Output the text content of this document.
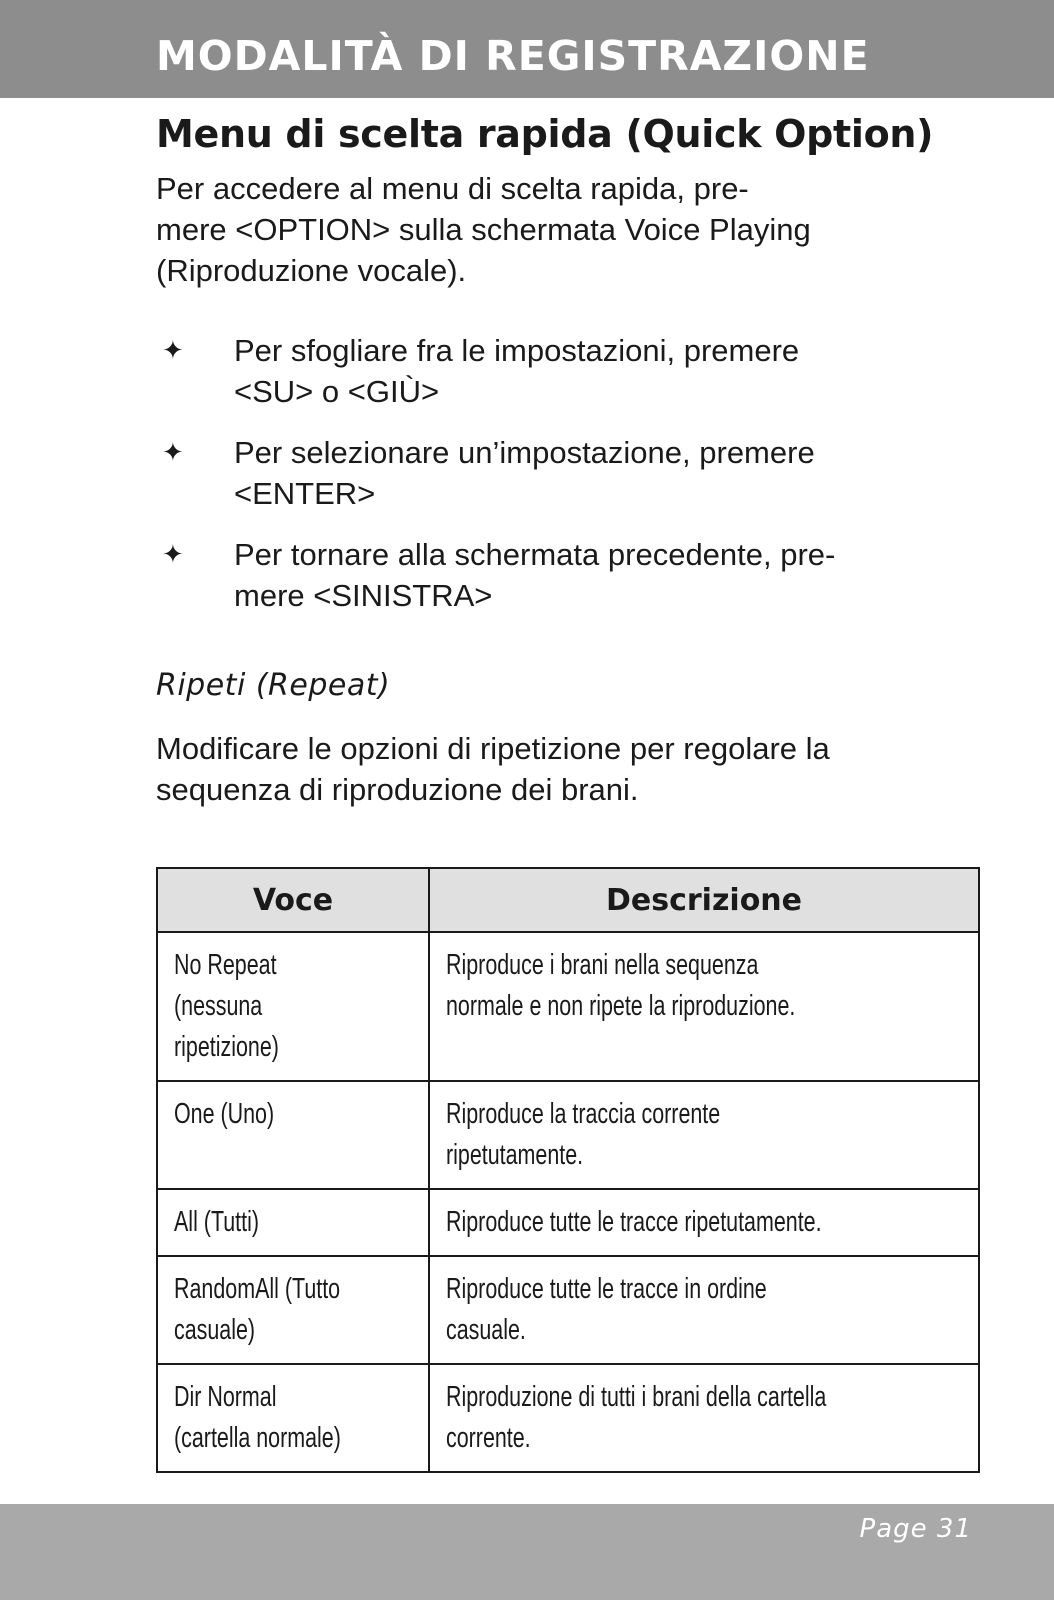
MODALITÀ DI REGISTRAZIONE
Menu di scelta rapida (Quick Option)

Per accedere al menu di scelta rapida, pre-
mere <OPTION> sulla schermata Voice Playing
(Riproduzione vocale).

✦ Per sfogliare fra le impostazioni, premere
<SU> o <GIÙ>
✦ Per selezionare un’impostazione, premere
<ENTER>
✦ Per tornare alla schermata precedente, pre-
mere <SINISTRA>
Ripeti (Repeat)

Modificare le opzioni di ripetizione per regolare la
sequenza di riproduzione dei brani.

Voce	Descrizione
No Repeat
(nessuna
ripetizione)	Riproduce i brani nella sequenza
normale e non ripete la riproduzione.
One (Uno)	Riproduce la traccia corrente
ripetutamente.
All (Tutti)	Riproduce tutte le tracce ripetutamente.
RandomAll (Tutto
casuale)	Riproduce tutte le tracce in ordine
casuale.
Dir Normal
(cartella normale)	Riproduzione di tutti i brani della cartella
corrente.

Page 31
